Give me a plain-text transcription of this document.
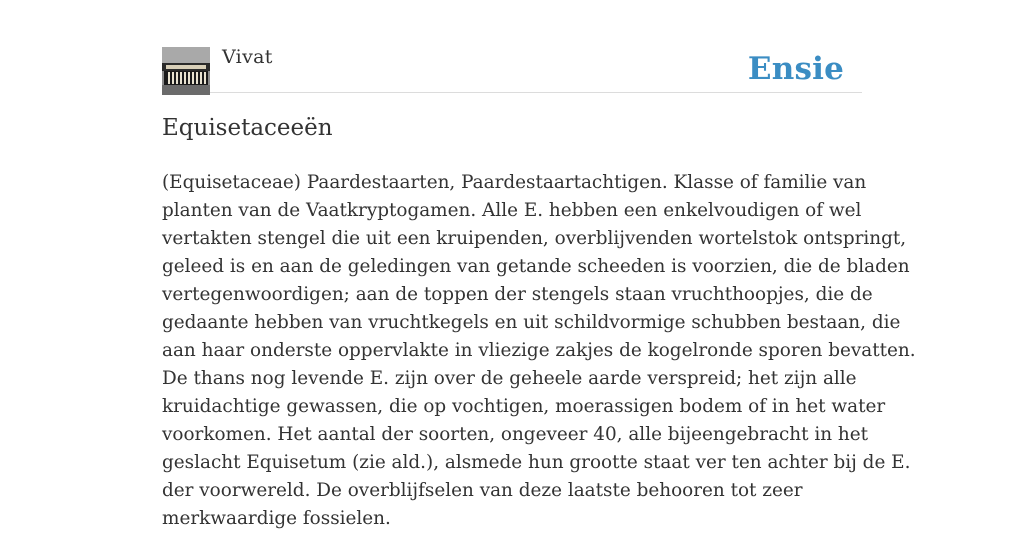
Vivat	Ensie
Equisetaceeën

(Equisetaceae) Paardestaarten, Paardestaartachtigen. Klasse of familie van
planten van de Vaatkryptogamen. Alle E. hebben een enkelvoudigen of wel
vertakten stengel die uit een kruipenden, overblijvenden wortelstok ontspringt,
geleed is en aan de geledingen van getande scheeden is voorzien, die de bladen
vertegenwoordigen; aan de toppen der stengels staan vruchthoopjes, die de
gedaante hebben van vruchtkegels en uit schildvormige schubben bestaan, die
aan haar onderste oppervlakte in vliezige zakjes de kogelronde sporen bevatten.
De thans nog levende E. zijn over de geheele aarde verspreid; het zijn alle
kruidachtige gewassen, die op vochtigen, moerassigen bodem of in het water
voorkomen. Het aantal der soorten, ongeveer 40, alle bijeengebracht in het
geslacht Equisetum (zie ald.), alsmede hun grootte staat ver ten achter bij de E.
der voorwereld. De overblijfselen van deze laatste behooren tot zeer
merkwaardige fossielen.
